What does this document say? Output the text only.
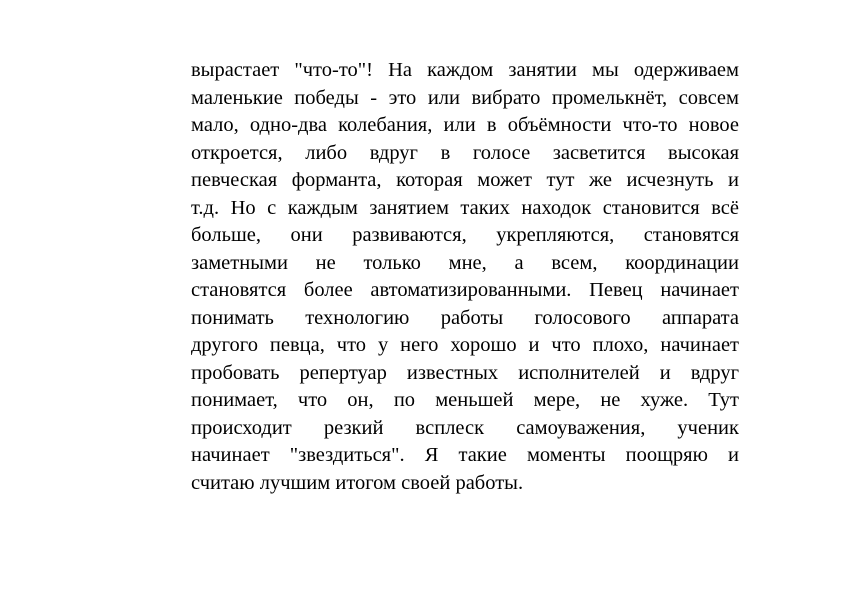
вырастает "что-то"! На каждом занятии мы одерживаем
маленькие победы - это или вибрато промелькнёт, совсем
мало, одно-два колебания, или в объёмности что-то новое
откроется, либо вдруг в голосе засветится высокая
певческая форманта, которая может тут же исчезнуть и
т.д. Но с каждым занятием таких находок становится всё
больше, они развиваются, укрепляются, становятся
заметными не только мне, а всем, координации
становятся более автоматизированными. Певец начинает
понимать технологию работы голосового аппарата
другого певца, что у него хорошо и что плохо, начинает
пробовать репертуар известных исполнителей и вдруг
понимает, что он, по меньшей мере, не хуже. Тут
происходит резкий всплеск самоуважения, ученик
начинает "звездиться". Я такие моменты поощряю и
считаю лучшим итогом своей работы.
